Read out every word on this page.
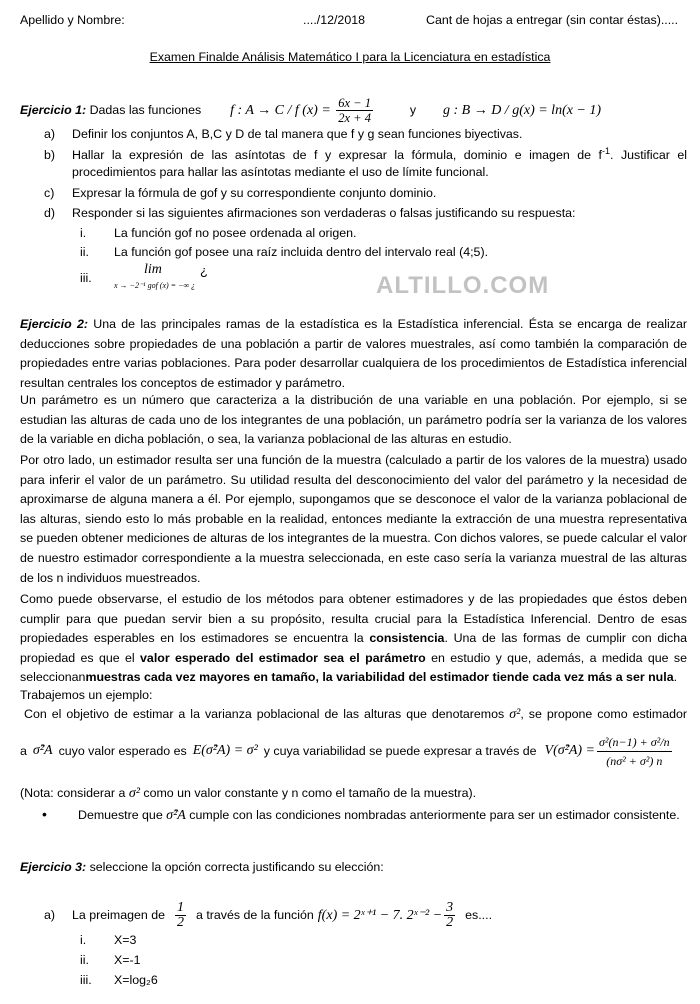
Apellido y Nombre:	..../12/2018	Cant de hojas a entregar (sin contar éstas).....
Examen Finalde Análisis Matemático I para la Licenciatura en estadística
Ejercicio 1: Dadas las funciones f : A → C / f $(x) = \frac{6x - 1}{2x + 4}$	y g : B → D / g(x) = ln(x − 1)
a) Definir los conjuntos A, B,C y D de tal manera que f y g sean funciones biyectivas.
b) Hallar la expresión de las asíntotas de f y expresar la fórmula, dominio e imagen de $f^{-1}$. Justificar el
procedimientos para hallar las asíntotas mediante el uso de límite funcional.
c) Expresar la fórmula de gof y su correspondiente conjunto dominio.
d) Responder si las siguientes afirmaciones son verdaderas o falsas justificando su respuesta:
i. La función gof no posee ordenada al origen.
ii. La función gof posee una raíz incluida dentro del intervalo real (4;5).
iii.
lim	¿
x → −2⁻¹ gof (x) = −∞ ¿	ALTILLO.COM
Ejercicio 2: Una de las principales ramas de la estadística es la Estadística inferencial. Ésta se encarga de realizar deducciones sobre propiedades de una población a partir de valores muestrales, así como también la comparación de propiedades entre varias poblaciones. Para poder desarrollar cualquiera de los procedimientos de Estadística inferencial resultan centrales los conceptos de estimador y parámetro.
Un parámetro es un número que caracteriza a la distribución de una variable en una población. Por ejemplo, si se estudian las alturas de cada uno de los integrantes de una población, un parámetro podría ser la varianza de los valores de la variable en dicha población, o sea, la varianza poblacional de las alturas en estudio.
Por otro lado, un estimador resulta ser una función de la muestra (calculado a partir de los valores de la muestra) usado para inferir el valor de un parámetro. Su utilidad resulta del desconocimiento del valor del parámetro y la necesidad de aproximarse de alguna manera a él. Por ejemplo, supongamos que se desconoce el valor de la varianza poblacional de las alturas, siendo esto lo más probable en la realidad, entonces mediante la extracción de una muestra representativa se pueden obtener mediciones de alturas de los integrantes de la muestra. Con dichos valores, se puede calcular el valor de nuestro estimador correspondiente a la muestra seleccionada, en este caso sería la varianza muestral de las alturas de los n individuos muestreados.
Como puede observarse, el estudio de los métodos para obtener estimadores y de las propiedades que éstos deben cumplir para que puedan servir bien a su propósito, resulta crucial para la Estadística Inferencial. Dentro de esas propiedades esperables en los estimadores se encuentra la consistencia. Una de las formas de cumplir con dicha propiedad es que el valor esperado del estimador sea el parámetro en estudio y que, además, a medida que se seleccionanmuestras cada vez mayores en tamaño, la variabilidad del estimador tiende cada vez más a ser nula.
Trabajemos un ejemplo:
Con el objetivo de estimar a la varianza poblacional de las alturas que denotaremos σ², se propone como estimador
a σ̂²A cuyo valor esperado es E(σ̂²A) = σ² y cuya variabilidad se puede expresar a través de V(σ̂²A) = $\frac{\text{σ²(n−1) + σ²/n}}{\text{(nσ² + σ²) n}}$
(Nota: considerar a σ² como un valor constante y n como el tamaño de la muestra).
•	Demuestre que σ̂²A cumple con las condiciones nombradas anteriormente para ser un estimador consistente.
Ejercicio 3: seleccione la opción correcta justificando su elección:
a)	La preimagen de $\frac{1}{2}$ a través de la función f(x) = 2ˣ⁺¹ − 7. 2ˣ⁻² − $\frac{3}{2}$ es....
i. X=3
ii. X=-1
iii. X=log₂6
